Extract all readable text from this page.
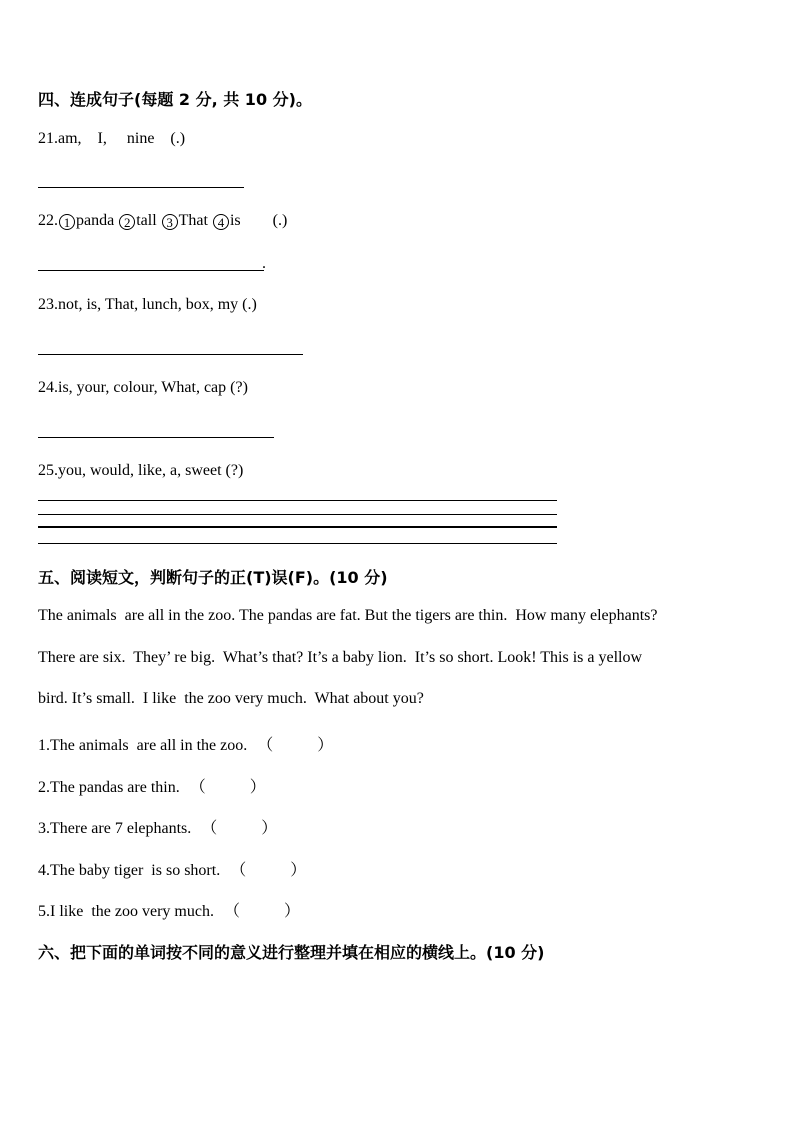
四、连成句子(每题 2 分, 共 10 分)。
21.am,    I,     nine    (.)
22. 1 panda 2 tall 3 That 4 is (.)
.
23.not, is, That, lunch, box, my (.)
24.is, your, colour, What, cap (?)
25.you, would, like, a, sweet (?)
五、阅读短文，判断句子的正(T)误(F)。(10 分)
The animals  are all in the zoo. The pandas are fat. But the tigers are thin.  How many elephants?
There are six.  They’ re big.  What’s that? It’s a baby lion.  It’s so short. Look! This is a yellow
bird. It’s small.  I like  the zoo very much.  What about you?
1.The animals  are all in the zoo. （           ）
2.The pandas are thin. （           ）
3.There are 7 elephants. （           ）
4.The baby tiger  is so short. （           ）
5.I like  the zoo very much. （           ）
六、把下面的单词按不同的意义进行整理并填在相应的横线上。(10 分)
